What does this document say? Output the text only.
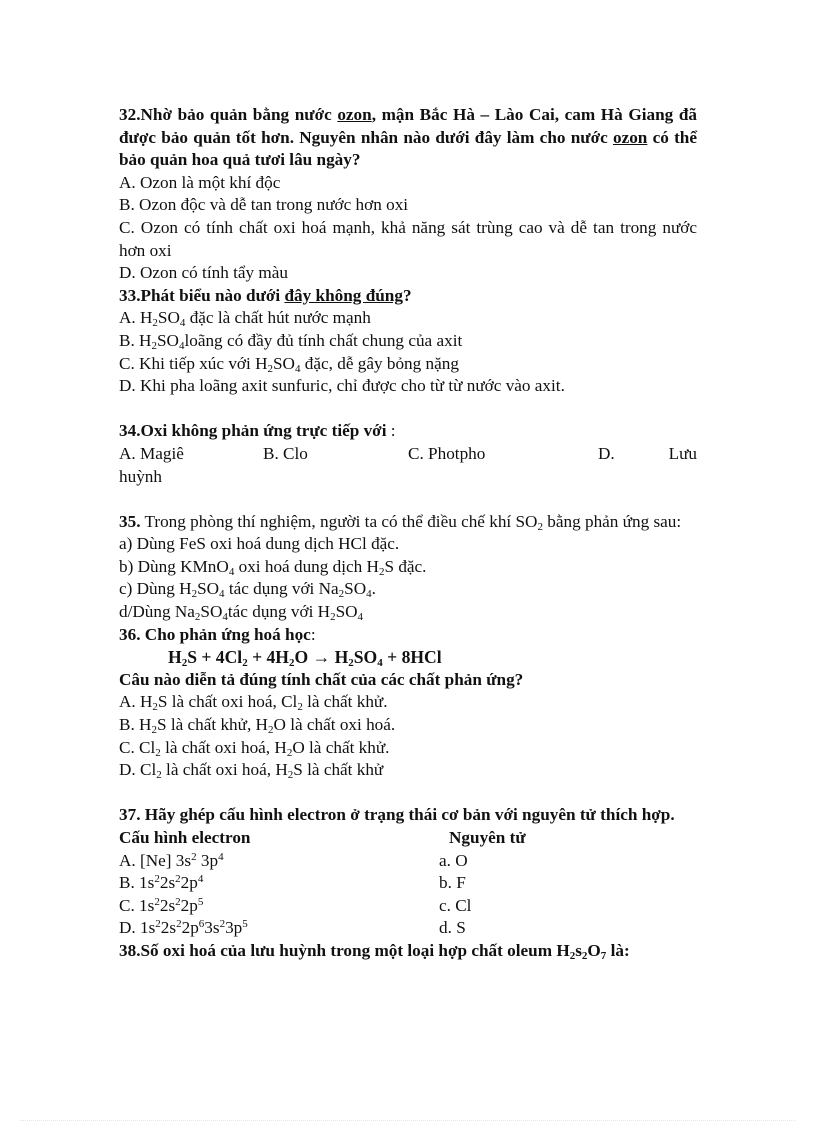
32.Nhờ bảo quản bằng nước ozon, mận Bắc Hà – Lào Cai, cam Hà Giang đã được bảo quản tốt hơn. Nguyên nhân nào dưới đây làm cho nước ozon có thể bảo quản hoa quả tươi lâu ngày?
A. Ozon là một khí độc
B. Ozon độc và dễ tan trong nước hơn oxi
C. Ozon có tính chất oxi hoá mạnh, khả năng sát trùng cao và dễ tan trong nước hơn oxi
D. Ozon có tính tẩy màu
33.Phát biểu nào dưới đây không đúng?
A. $H_2SO_4$ đặc là chất hút nước mạnh
B. $H_2SO_4loãng$ có đầy đủ tính chất chung của axit
C. Khi tiếp xúc với $H_2SO_4$ đặc, dễ gây bỏng nặng
D. Khi pha loãng axit sunfuric, chỉ được cho từ từ nước vào axit.
34.Oxi không phản ứng trực tiếp với :
A. Magiê	B. Clo	C. Photpho	D.	Lưu
huỳnh
35. Trong phòng thí nghiệm, người ta có thể điều chế khí $SO_2$ bằng phản ứng sau:
a) Dùng FeS oxi hoá dung dịch HCl đặc.
b) Dùng KMnO$_4$ oxi hoá dung dịch $H_2S$ đặc.
c) Dùng $H_2SO_4$ tác dụng với $Na_2SO_4$.
d/Dùng $Na_2SO_4tác$ dụng với $H_2SO_4$
36. Cho phản ứng hoá học:
$H_2S + 4Cl_2 + 4H_2O \to H_2SO_4 + 8HCl$
Câu nào diễn tả đúng tính chất của các chất phản ứng?
A. $H_2S$ là chất oxi hoá, $Cl_2$ là chất khử.
B. $H_2S$ là chất khử, $H_2O$ là chất oxi hoá.
C. $Cl_2$ là chất oxi hoá, $H_2O$ là chất khử.
D. $Cl_2$ là chất oxi hoá, $H_2S$ là chất khử
37. Hãy ghép cấu hình electron ở trạng thái cơ bản với nguyên tử thích hợp.
Cấu hình electron	Nguyên tử
A. [Ne] $3s^2$ $3p^4$	a. O
B. $1s^22s^22p^4$	b. F
C. $1s^22s^22p^5$	c. Cl
D. $1s^22s^22p^63s^23p^5$	d. S
38.Số oxi hoá của lưu huỳnh trong một loại hợp chất oleum $H_2s_2O_7$ là:
